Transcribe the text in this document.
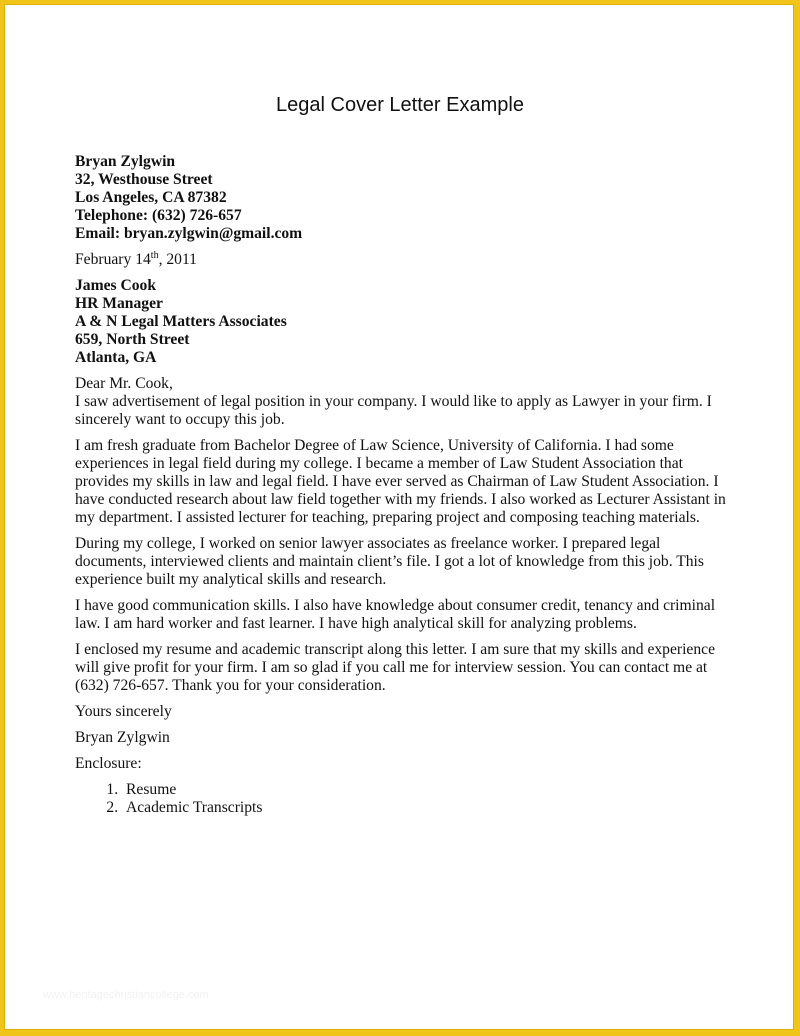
Legal Cover Letter Example
Bryan Zylgwin
32, Westhouse Street
Los Angeles, CA 87382
Telephone: (632) 726-657
Email: bryan.zylgwin@gmail.com
February 14th, 2011
James Cook
HR Manager
A & N Legal Matters Associates
659, North Street
Atlanta, GA
Dear Mr. Cook,

I saw advertisement of legal position in your company. I would like to apply as Lawyer in your firm. I sincerely want to occupy this job.

I am fresh graduate from Bachelor Degree of Law Science, University of California. I had some experiences in legal field during my college. I became a member of Law Student Association that provides my skills in law and legal field. I have ever served as Chairman of Law Student Association. I have conducted research about law field together with my friends. I also worked as Lecturer Assistant in my department. I assisted lecturer for teaching, preparing project and composing teaching materials.

During my college, I worked on senior lawyer associates as freelance worker. I prepared legal documents, interviewed clients and maintain client’s file. I got a lot of knowledge from this job. This experience built my analytical skills and research.

I have good communication skills. I also have knowledge about consumer credit, tenancy and criminal law. I am hard worker and fast learner. I have high analytical skill for analyzing problems.

I enclosed my resume and academic transcript along this letter. I am sure that my skills and experience will give profit for your firm. I am so glad if you call me for interview session. You can contact me at (632) 726-657. Thank you for your consideration.

Yours sincerely
Bryan Zylgwin
Enclosure:
1. Resume
2. Academic Transcripts
www.heritagechristiancollege.com
